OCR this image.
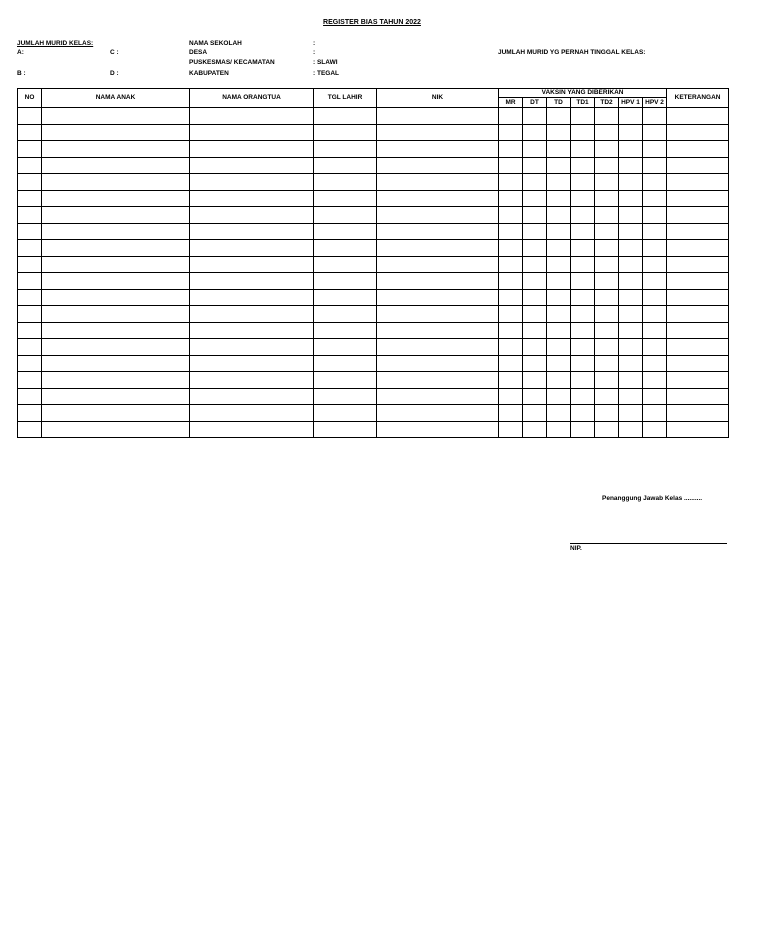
REGISTER BIAS TAHUN 2022
JUMLAH MURID KELAS:
A:
B :
C :
D :
NAMA SEKOLAH	:
DESA	:
PUSKESMAS/ KECAMATAN	: SLAWI
KABUPATEN	: TEGAL
JUMLAH MURID YG PERNAH TINGGAL KELAS:
NO	NAMA ANAK	NAMA ORANGTUA	TGL LAHIR	NIK	VAKSIN YANG DIBERIKAN							KETERANGAN
					MR	DT	TD	TD1	TD2	HPV 1	HPV 2	

Penanggung Jawab Kelas ..........
NIP.
